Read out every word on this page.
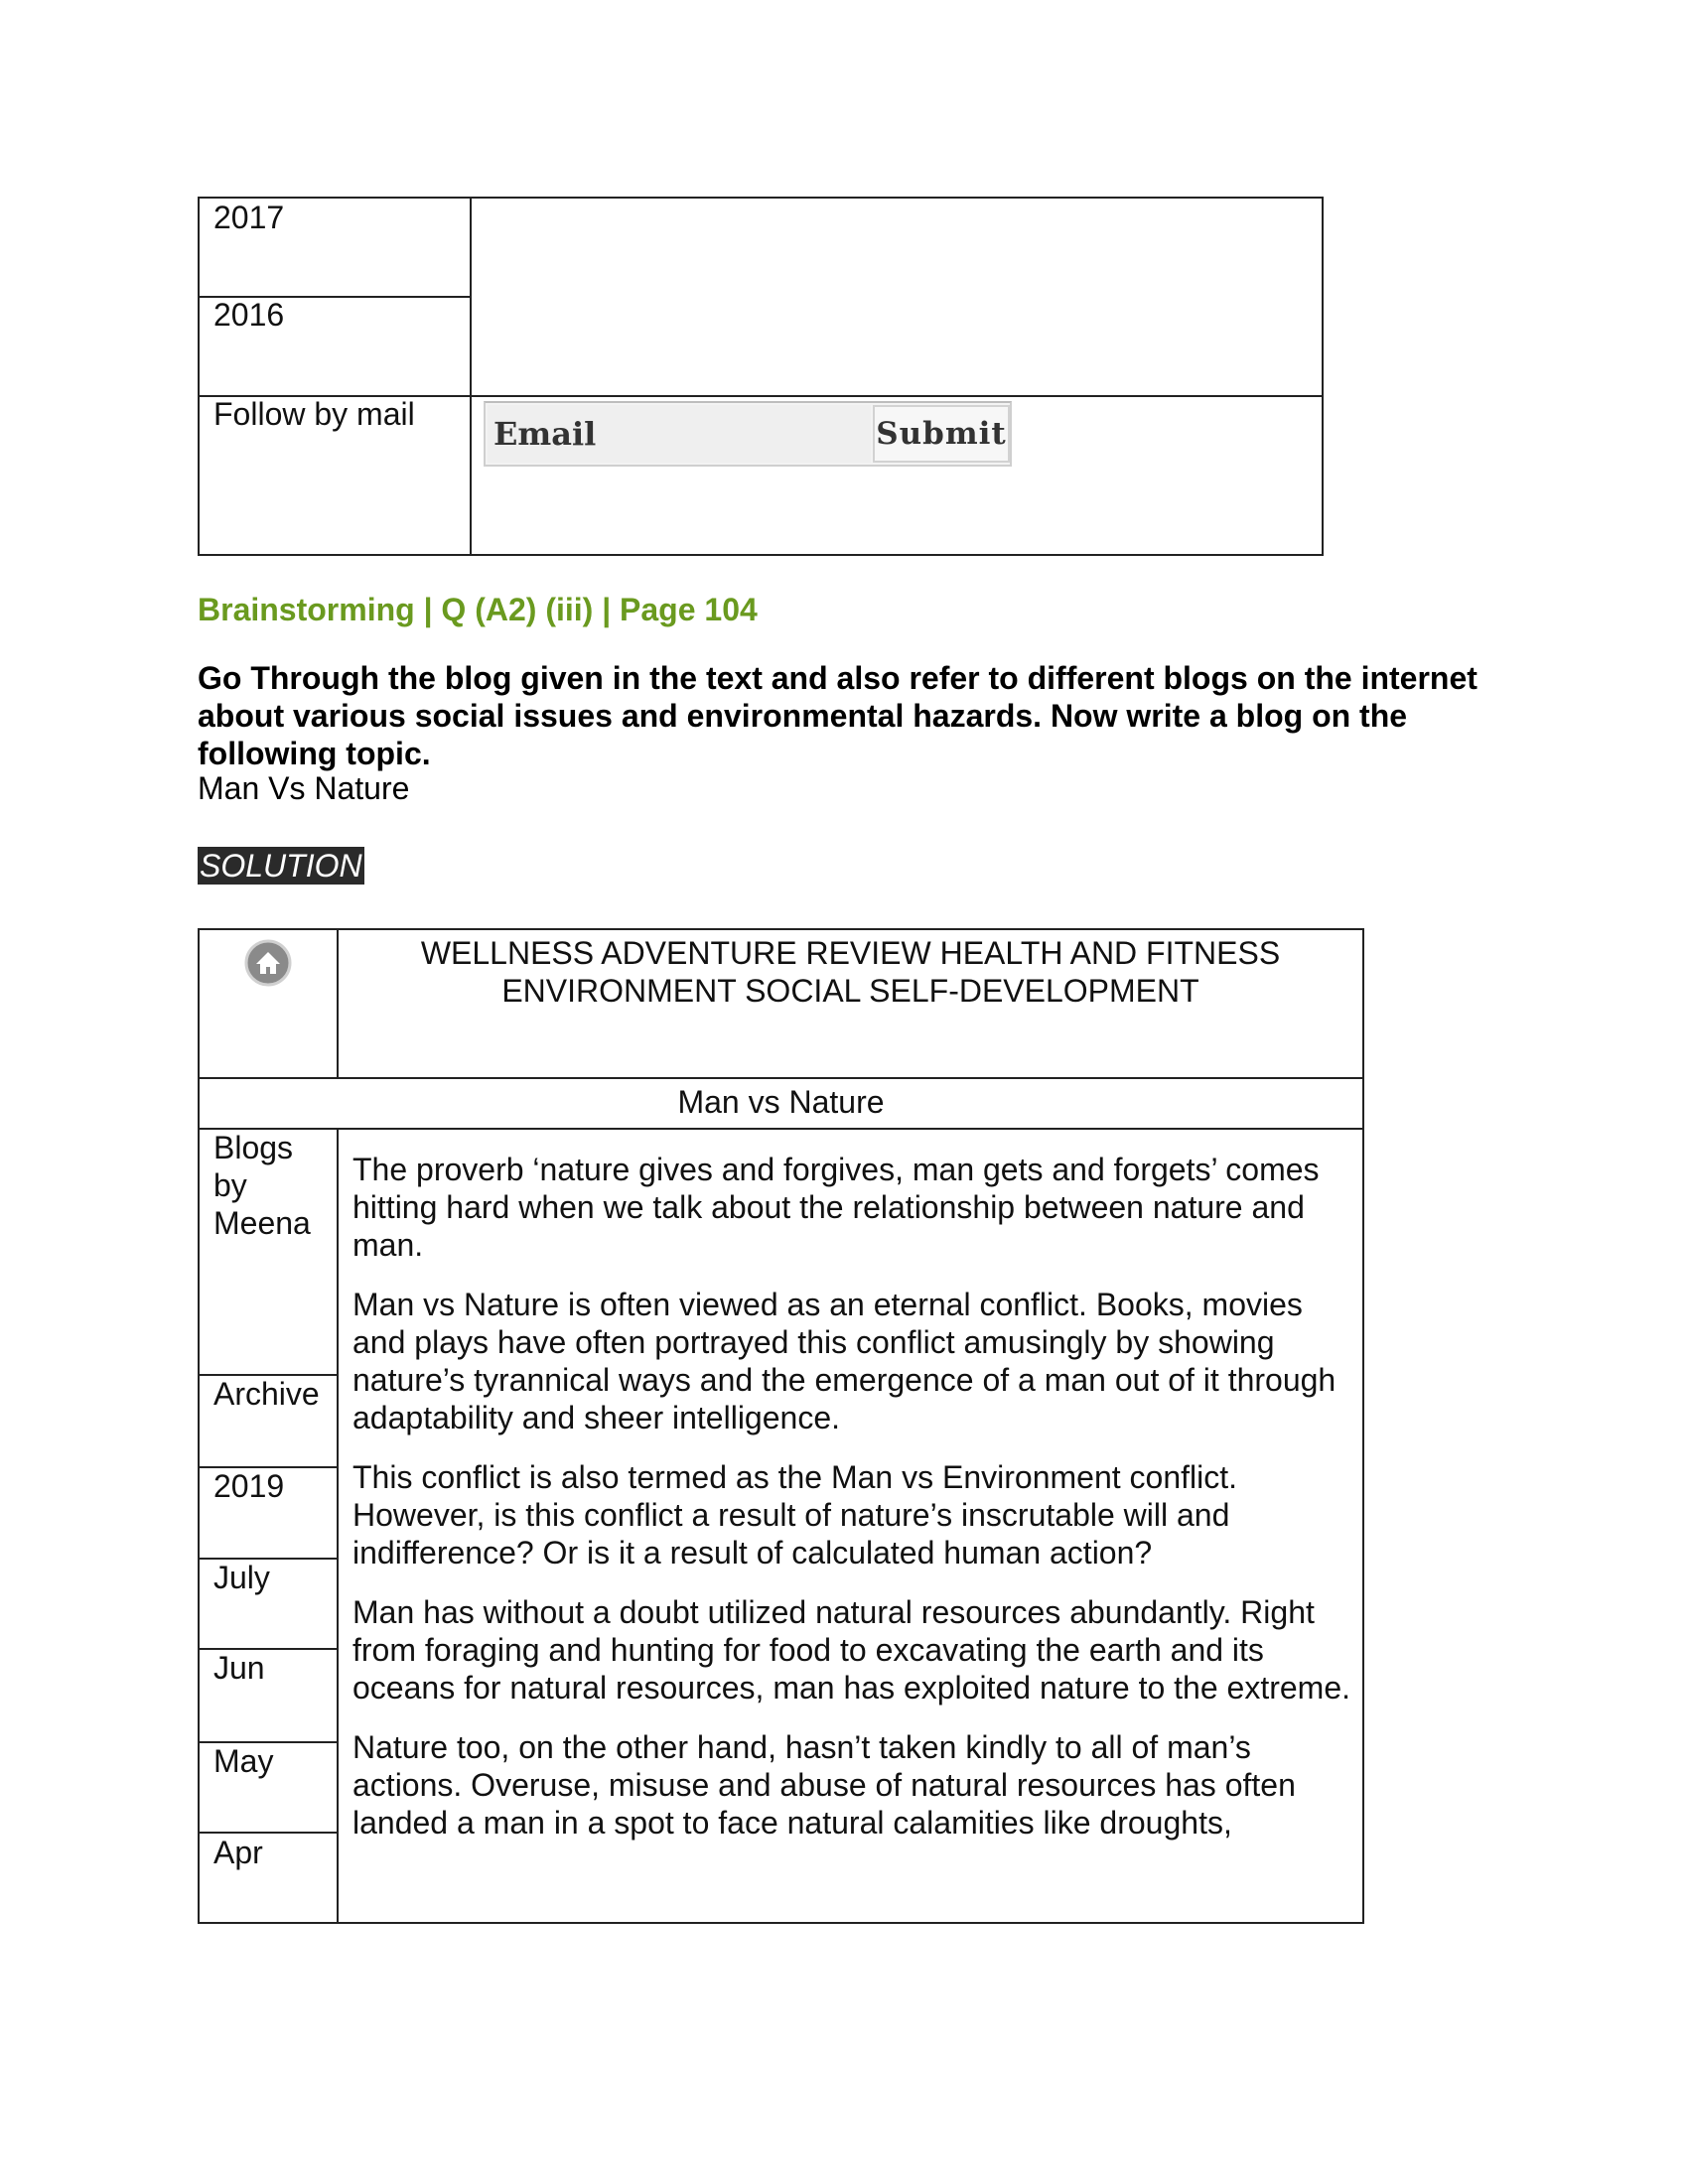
2017
2016
Follow by mail
Email
Submit
Brainstorming | Q (A2) (iii) | Page 104
Go Through the blog given in the text and also refer to different blogs on the internet about various social issues and environmental hazards. Now write a blog on the following topic.
Man Vs Nature
SOLUTION
WELLNESS ADVENTURE REVIEW HEALTH AND FITNESS
ENVIRONMENT SOCIAL SELF-DEVELOPMENT
Man vs Nature
Blogs
by
Meena
Archive
2019
July
Jun
May
Apr

The proverb ‘nature gives and forgives, man gets and forgets’ comes hitting hard when we talk about the relationship between nature and man.

Man vs Nature is often viewed as an eternal conflict. Books, movies and plays have often portrayed this conflict amusingly by showing nature’s tyrannical ways and the emergence of a man out of it through adaptability and sheer intelligence.

This conflict is also termed as the Man vs Environment conflict. However, is this conflict a result of nature’s inscrutable will and indifference? Or is it a result of calculated human action?

Man has without a doubt utilized natural resources abundantly. Right from foraging and hunting for food to excavating the earth and its oceans for natural resources, man has exploited nature to the extreme.

Nature too, on the other hand, hasn’t taken kindly to all of man’s actions. Overuse, misuse and abuse of natural resources has often landed a man in a spot to face natural calamities like droughts,
